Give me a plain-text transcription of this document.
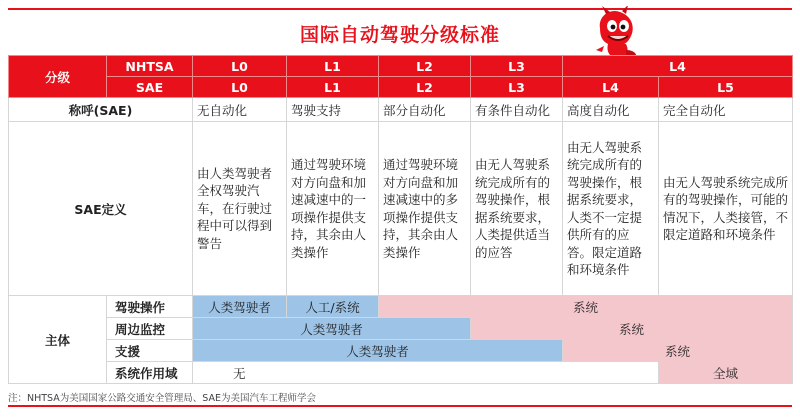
国际自动驾驶分级标准
分级	NHTSA	L0	L1	L2	L3	L4	
	SAE	L0	L1	L2	L3	L4	L5
称呼(SAE)		无自动化	驾驶支持	部分自动化	有条件自动化	高度自动化	完全自动化
SAE定义		由人类驾驶者全权驾驶汽车，在行驶过程中可以得到警告	通过驾驶环境对方向盘和加速减速中的一项操作提供支持，其余由人类操作	通过驾驶环境对方向盘和加速减速中的多项操作提供支持，其余由人类操作	由无人驾驶系统完成所有的驾驶操作，根据系统要求，人类提供适当的应答	由无人驾驶系统完成所有的驾驶操作，根据系统要求，人类不一定提供所有的应答。限定道路和环境条件	由无人驾驶系统完成所有的驾驶操作，可能的情况下，人类接管，不限定道路和环境条件
主体	驾驶操作	人类驾驶者	人工/系统	系统			
	周边监控	人类驾驶者			系统		
	支援	人类驾驶者				系统	
	系统作用域	无					全域
注：NHTSA为美国国家公路交通安全管理局、SAE为美国汽车工程师学会
